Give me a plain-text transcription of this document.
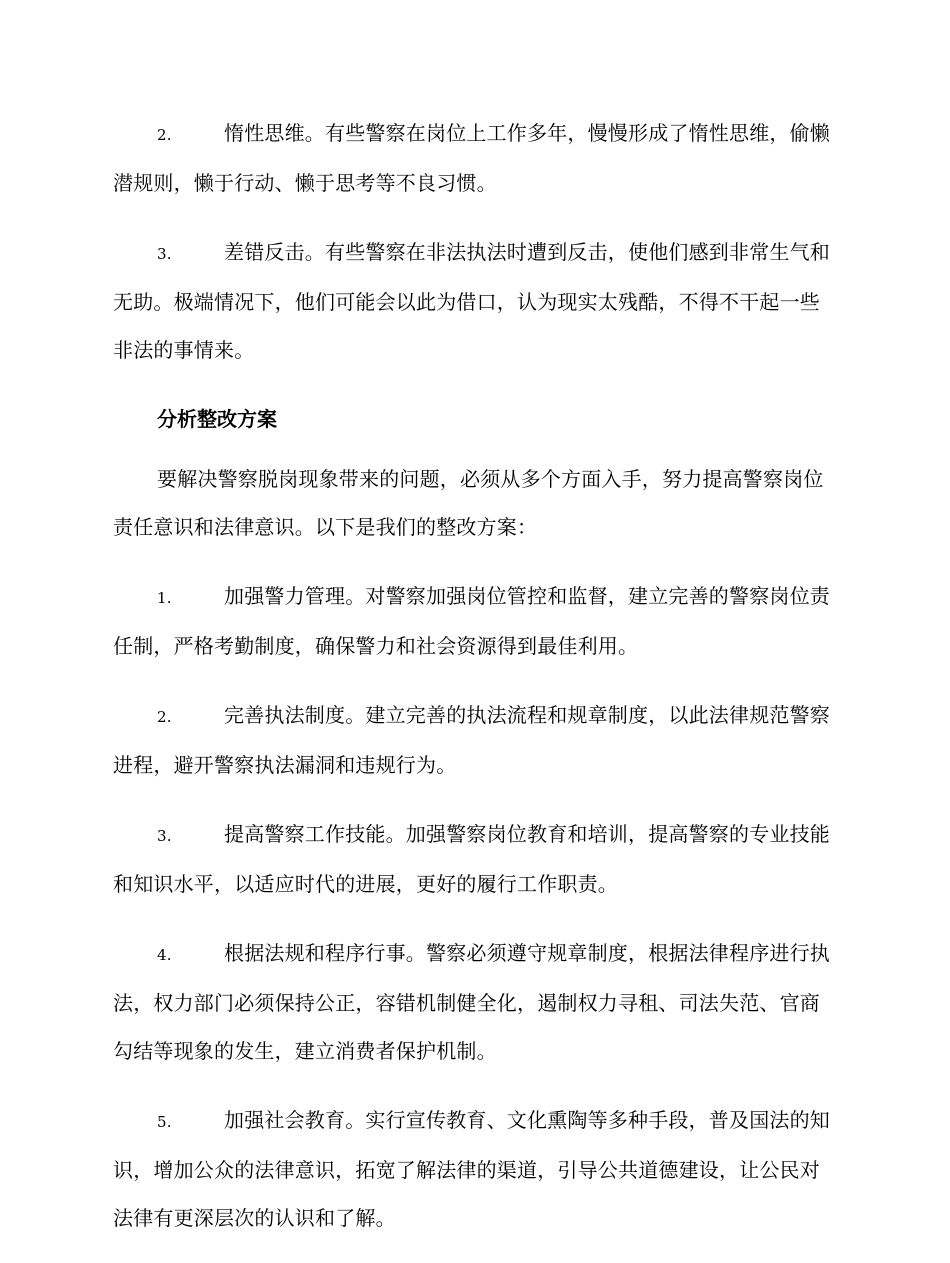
2.	惰性思维。有些警察在岗位上工作多年，慢慢形成了惰性思维，偷懒潜规则，懒于行动、懒于思考等不良习惯。
3.	差错反击。有些警察在非法执法时遭到反击，使他们感到非常生气和无助。极端情况下，他们可能会以此为借口，认为现实太残酷，不得不干起一些非法的事情来。
分析整改方案
要解决警察脱岗现象带来的问题，必须从多个方面入手，努力提高警察岗位责任意识和法律意识。以下是我们的整改方案：
1.	加强警力管理。对警察加强岗位管控和监督，建立完善的警察岗位责任制，严格考勤制度，确保警力和社会资源得到最佳利用。
2.	完善执法制度。建立完善的执法流程和规章制度，以此法律规范警察进程，避开警察执法漏洞和违规行为。
3.	提高警察工作技能。加强警察岗位教育和培训，提高警察的专业技能和知识水平，以适应时代的进展，更好的履行工作职责。
4.	根据法规和程序行事。警察必须遵守规章制度，根据法律程序进行执法，权力部门必须保持公正，容错机制健全化，遏制权力寻租、司法失范、官商勾结等现象的发生，建立消费者保护机制。
5.	加强社会教育。实行宣传教育、文化熏陶等多种手段，普及国法的知识，增加公众的法律意识，拓宽了解法律的渠道，引导公共道德建设，让公民对法律有更深层次的认识和了解。
